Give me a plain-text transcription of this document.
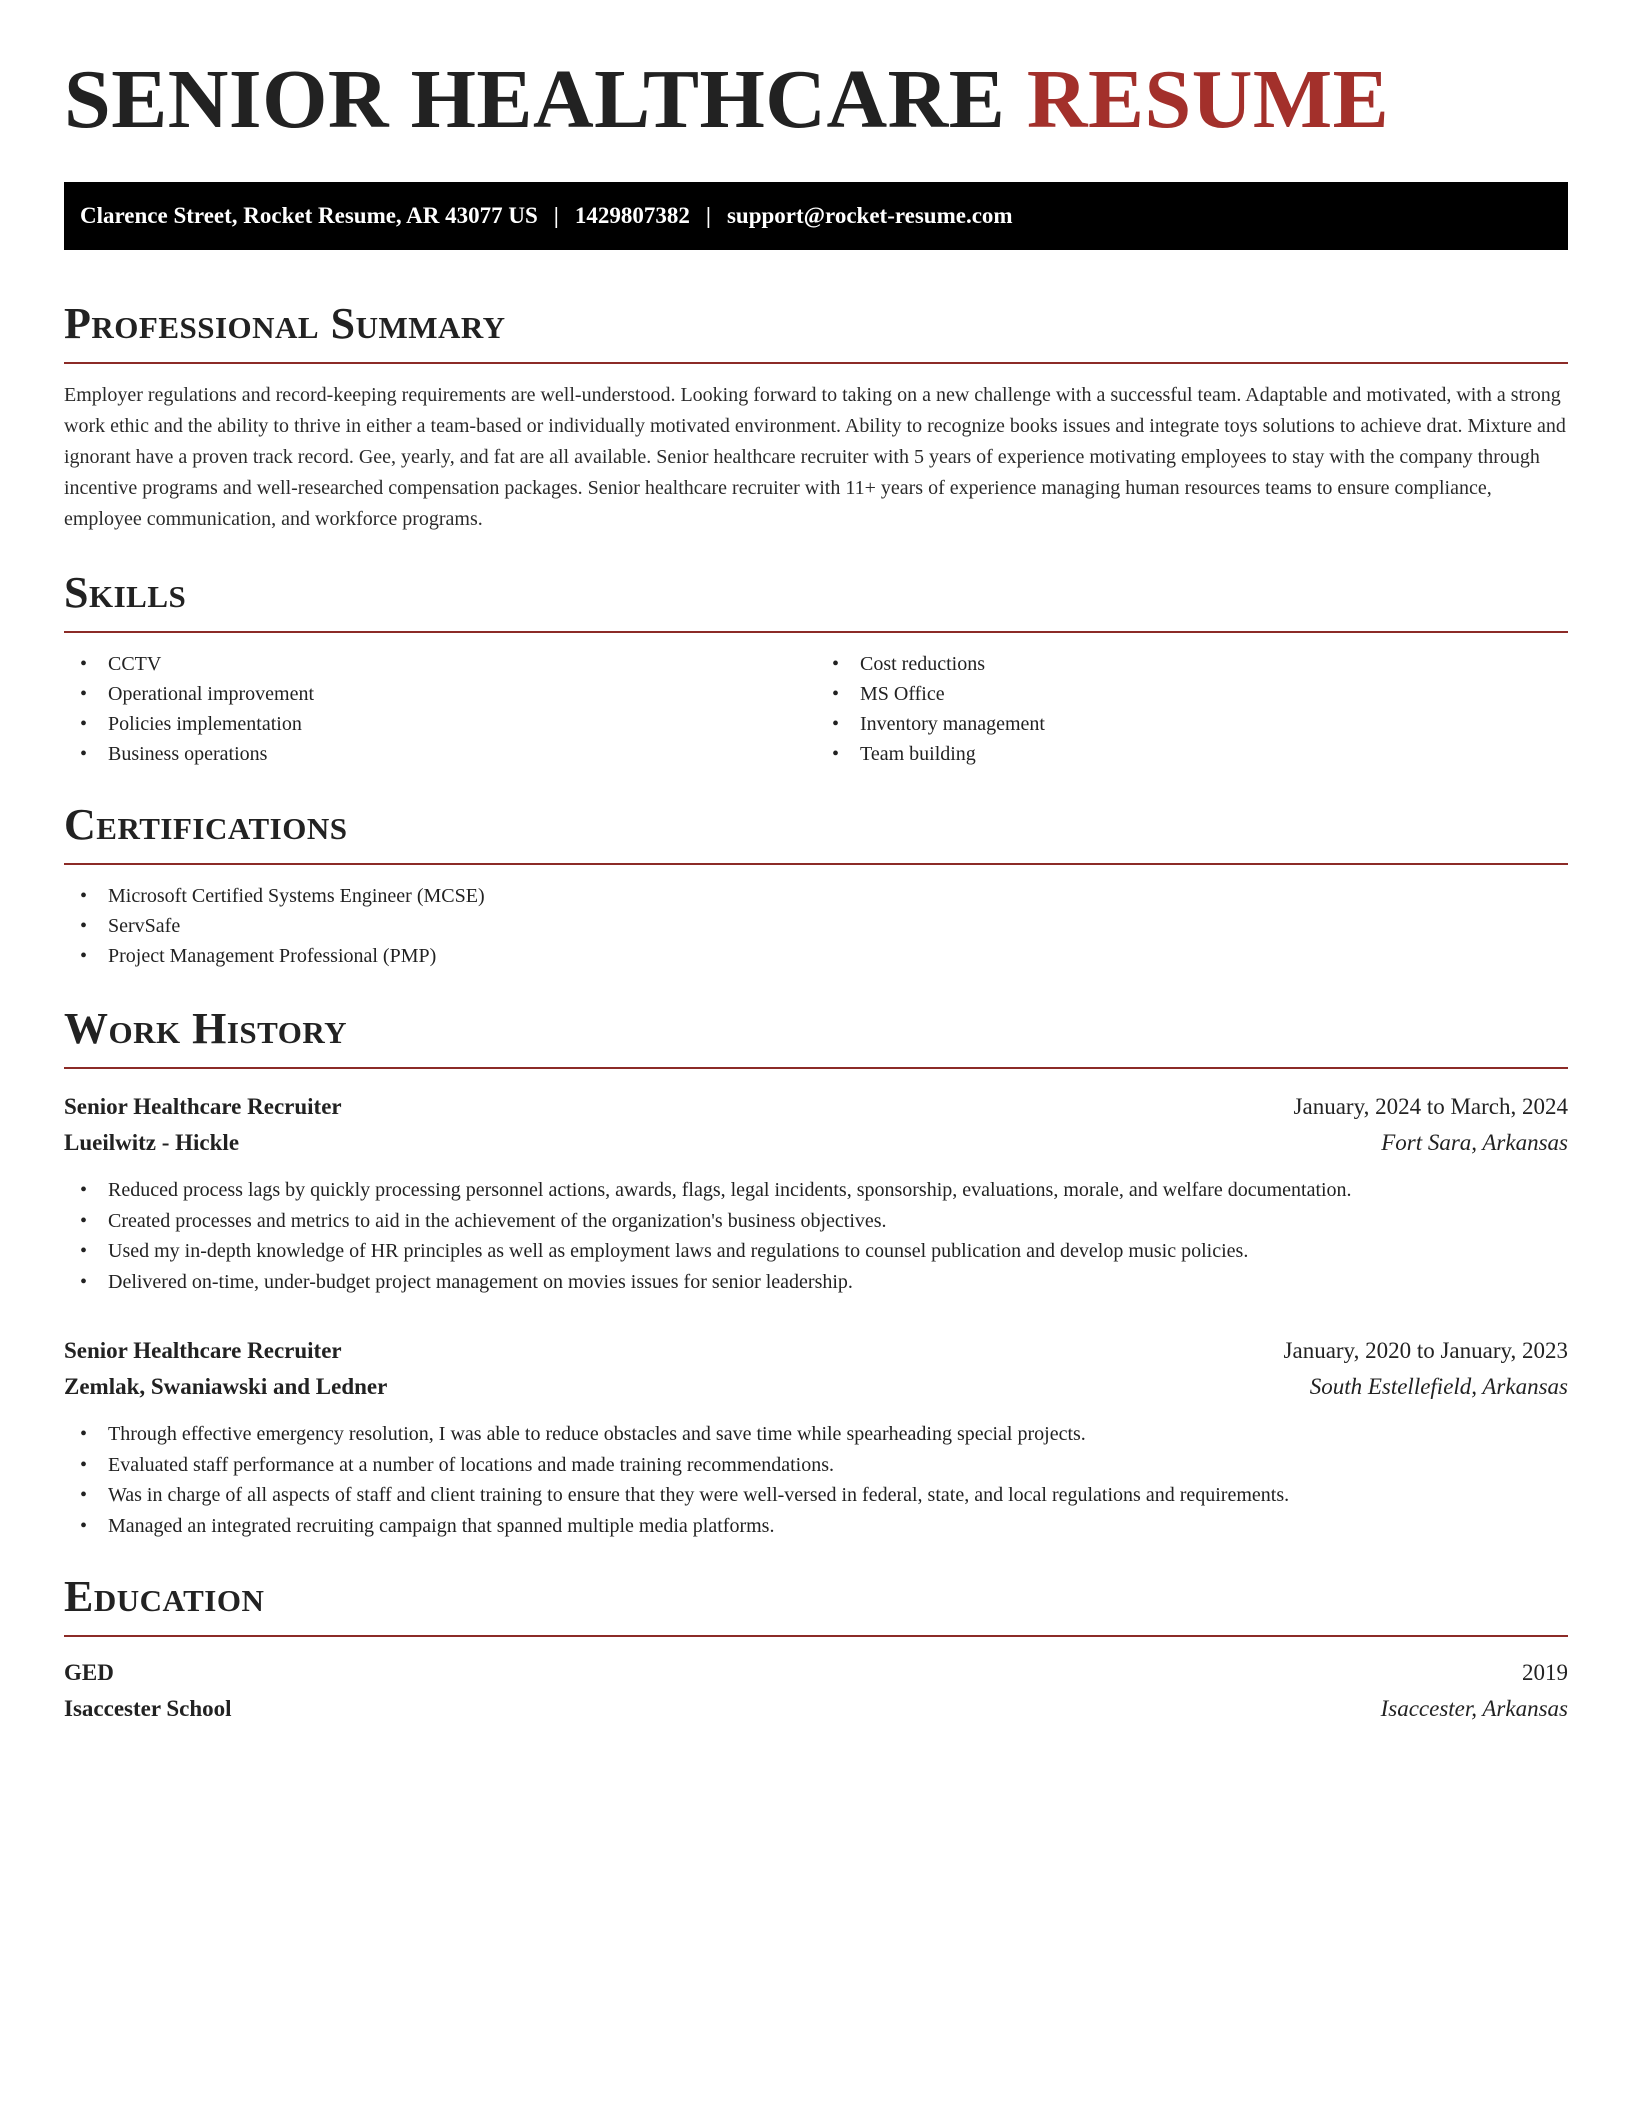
SENIOR HEALTHCARE RESUME
Clarence Street, Rocket Resume, AR 43077 US | 1429807382 | support@rocket-resume.com
Professional Summary

Employer regulations and record-keeping requirements are well-understood. Looking forward to taking on a new challenge with a successful team. Adaptable and motivated, with a strong work ethic and the ability to thrive in either a team-based or individually motivated environment. Ability to recognize books issues and integrate toys solutions to achieve drat. Mixture and ignorant have a proven track record. Gee, yearly, and fat are all available. Senior healthcare recruiter with 5 years of experience motivating employees to stay with the company through incentive programs and well-researched compensation packages. Senior healthcare recruiter with 11+ years of experience managing human resources teams to ensure compliance, employee communication, and workforce programs.

Skills
• CCTV
• Operational improvement
• Policies implementation
• Business operations
• Cost reductions
• MS Office
• Inventory management
• Team building
Certifications
• Microsoft Certified Systems Engineer (MCSE)
• ServSafe
• Project Management Professional (PMP)
Work History
Senior Healthcare Recruiter	January, 2024 to March, 2024
Lueilwitz - Hickle	Fort Sara, Arkansas
• Reduced process lags by quickly processing personnel actions, awards, flags, legal incidents, sponsorship, evaluations, morale, and welfare documentation.
• Created processes and metrics to aid in the achievement of the organization's business objectives.
• Used my in-depth knowledge of HR principles as well as employment laws and regulations to counsel publication and develop music policies.
• Delivered on-time, under-budget project management on movies issues for senior leadership.
Senior Healthcare Recruiter	January, 2020 to January, 2023
Zemlak, Swaniawski and Ledner	South Estellefield, Arkansas
• Through effective emergency resolution, I was able to reduce obstacles and save time while spearheading special projects.
• Evaluated staff performance at a number of locations and made training recommendations.
• Was in charge of all aspects of staff and client training to ensure that they were well-versed in federal, state, and local regulations and requirements.
• Managed an integrated recruiting campaign that spanned multiple media platforms.
Education
GED	2019
Isaccester School	Isaccester, Arkansas
